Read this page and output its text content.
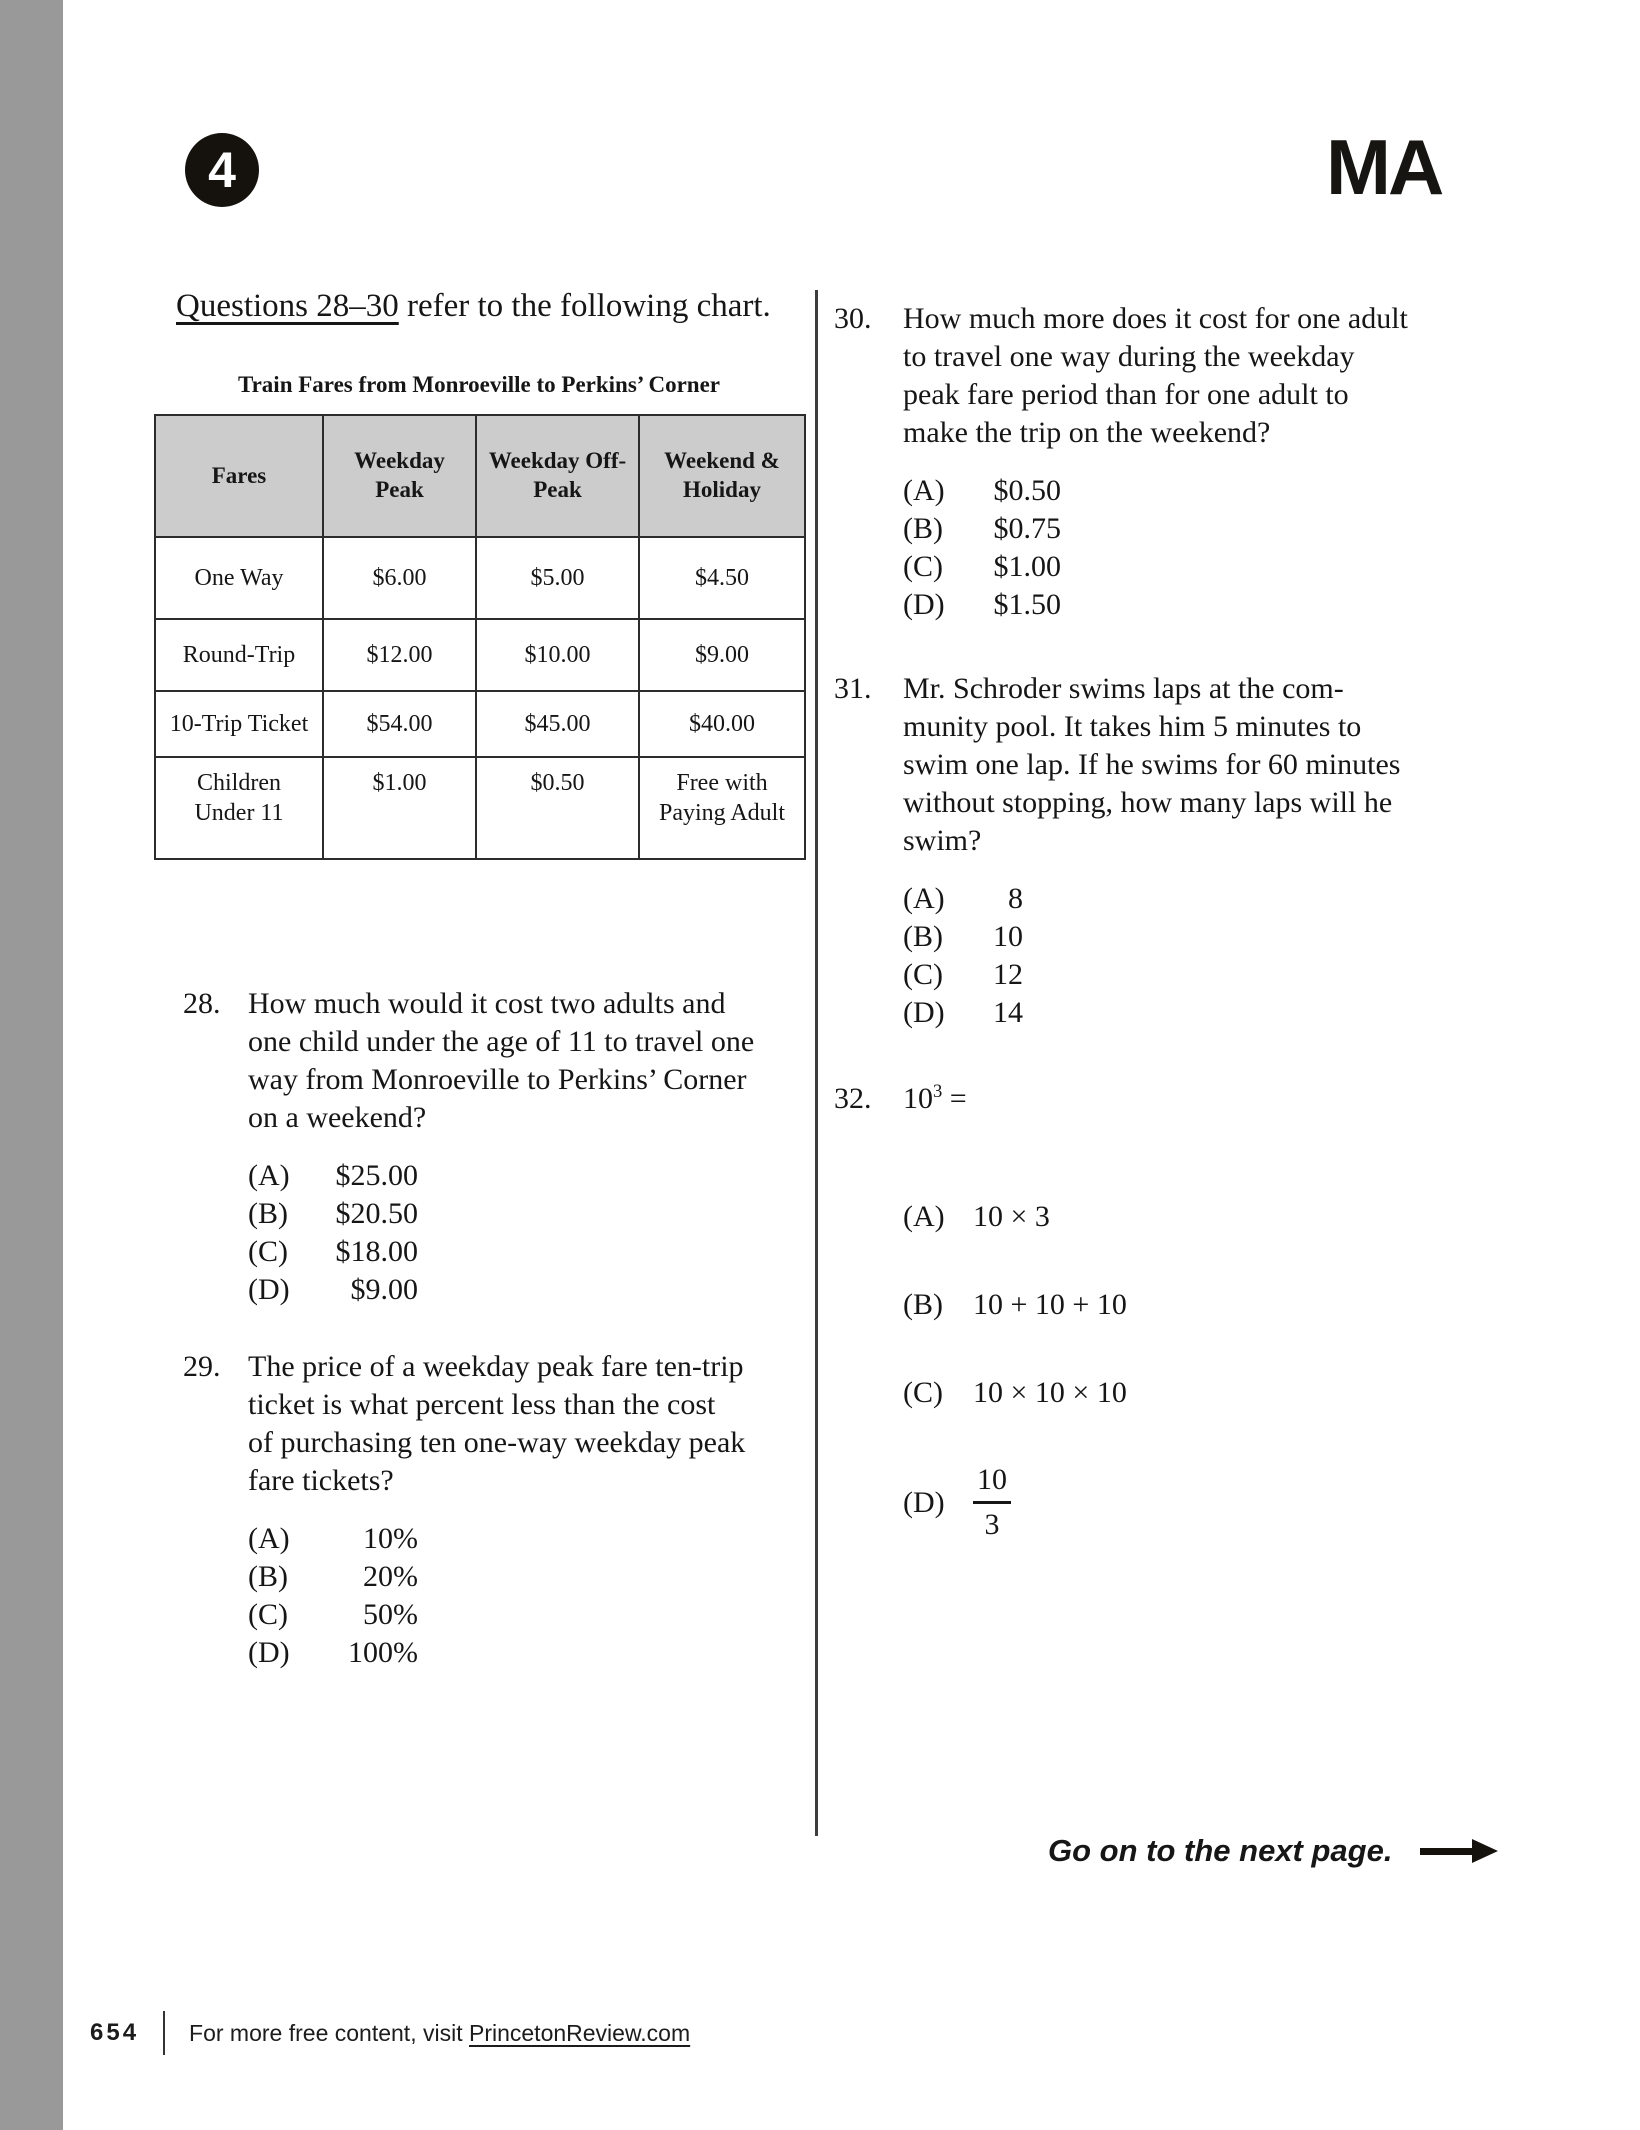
4	MA
Questions 28–30 refer to the following chart.
Train Fares from Monroeville to Perkins’ Corner
Fares	Weekday Peak	Weekday Off-Peak	Weekend & Holiday
One Way	$6.00	$5.00	$4.50
Round-Trip	$12.00	$10.00	$9.00
10-Trip Ticket	$54.00	$45.00	$40.00
Children Under 11	$1.00	$0.50	Free with Paying Adult
28. How much would it cost two adults and
one child under the age of 11 to travel one
way from Monroeville to Perkins’ Corner
on a weekend?
(A)	$25.00
(B)	$20.50
(C)	$18.00
(D)	$9.00
29. The price of a weekday peak fare ten-trip
ticket is what percent less than the cost
of purchasing ten one-way weekday peak
fare tickets?
(A)	10%
(B)	20%
(C)	50%
(D)	100%
30.	How much more does it cost for one adult
to travel one way during the weekday
peak fare period than for one adult to
make the trip on the weekend?
(A)	$0.50
(B)	$0.75
(C)	$1.00
(D)	$1.50
31.	Mr. Schroder swims laps at the com-
munity pool. It takes him 5 minutes to
swim one lap. If he swims for 60 minutes
without stopping, how many laps will he
swim?
(A)	8
(B)	10
(C)	12
(D)	14
32.	$10^3$ =
(A) 10 × 3
(B)	10 + 10 + 10
(C)	10 × 10 × 10
$(D) \frac{10}{3}$
Go on to the next page.
654 For more free content, visit PrincetonReview.com
